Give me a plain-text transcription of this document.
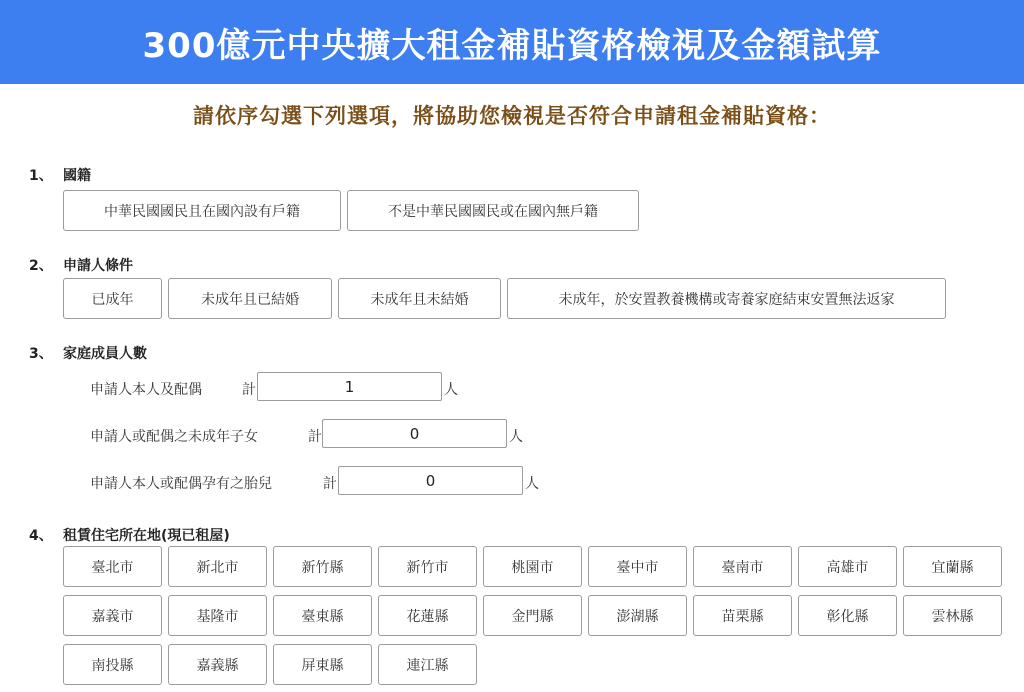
300億元中央擴大租金補貼資格檢視及金額試算
請依序勾選下列選項，將協助您檢視是否符合申請租金補貼資格：
1、 國籍
中華民國國民且在國內設有戶籍	不是中華民國國民或在國內無戶籍
2、 申請人條件
已成年	未成年且已結婚	未成年且未結婚	未成年，於安置教養機構或寄養家庭結束安置無法返家
3、 家庭成員人數
申請人本人及配偶	計
1	人
申請人或配偶之未成年子女	計
0	人
申請人本人或配偶孕有之胎兒	計
0	人
4、 租賃住宅所在地(現已租屋)
臺北市	新北市	新竹縣	新竹市	桃園市	臺中市	臺南市	高雄市	宜蘭縣
嘉義市	基隆市	臺東縣	花蓮縣	金門縣	澎湖縣	苗栗縣	彰化縣	雲林縣
南投縣	嘉義縣	屏東縣	連江縣
